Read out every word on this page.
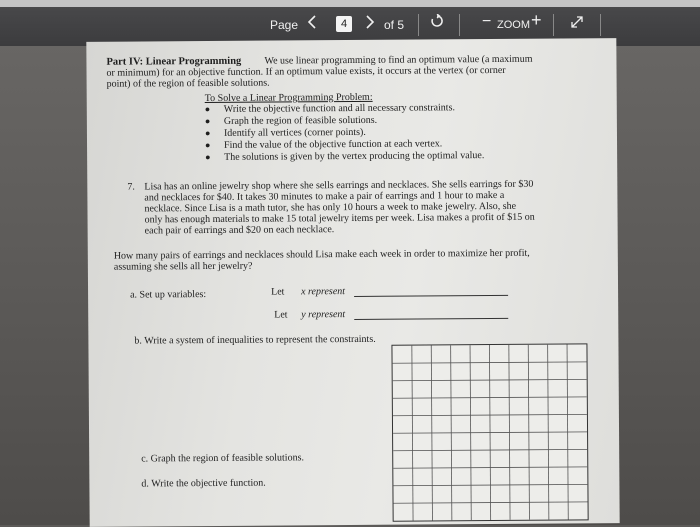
Page	4	of 5	− ZOOM +
Part IV: Linear Programming We use linear programming to find an optimum value (a maximum
or minimum) for an objective function. If an optimum value exists, it occurs at the vertex (or corner
point) of the region of feasible solutions.
To Solve a Linear Programming Problem:
● Write the objective function and all necessary constraints.
● Graph the region of feasible solutions.
● Identify all vertices (corner points).
● Find the value of the objective function at each vertex.
● The solutions is given by the vertex producing the optimal value.
7. Lisa has an online jewelry shop where she sells earrings and necklaces. She sells earrings for $30
and necklaces for $40. It takes 30 minutes to make a pair of earrings and 1 hour to make a
necklace. Since Lisa is a math tutor, she has only 10 hours a week to make jewelry. Also, she
only has enough materials to make 15 total jewelry items per week. Lisa makes a profit of $15 on
each pair of earrings and $20 on each necklace.
How many pairs of earrings and necklaces should Lisa make each week in order to maximize her profit,
assuming she sells all her jewelry?
a. Set up variables:	Let x represent
Let y represent
b. Write a system of inequalities to represent the constraints.
c. Graph the region of feasible solutions.
d. Write the objective function.
